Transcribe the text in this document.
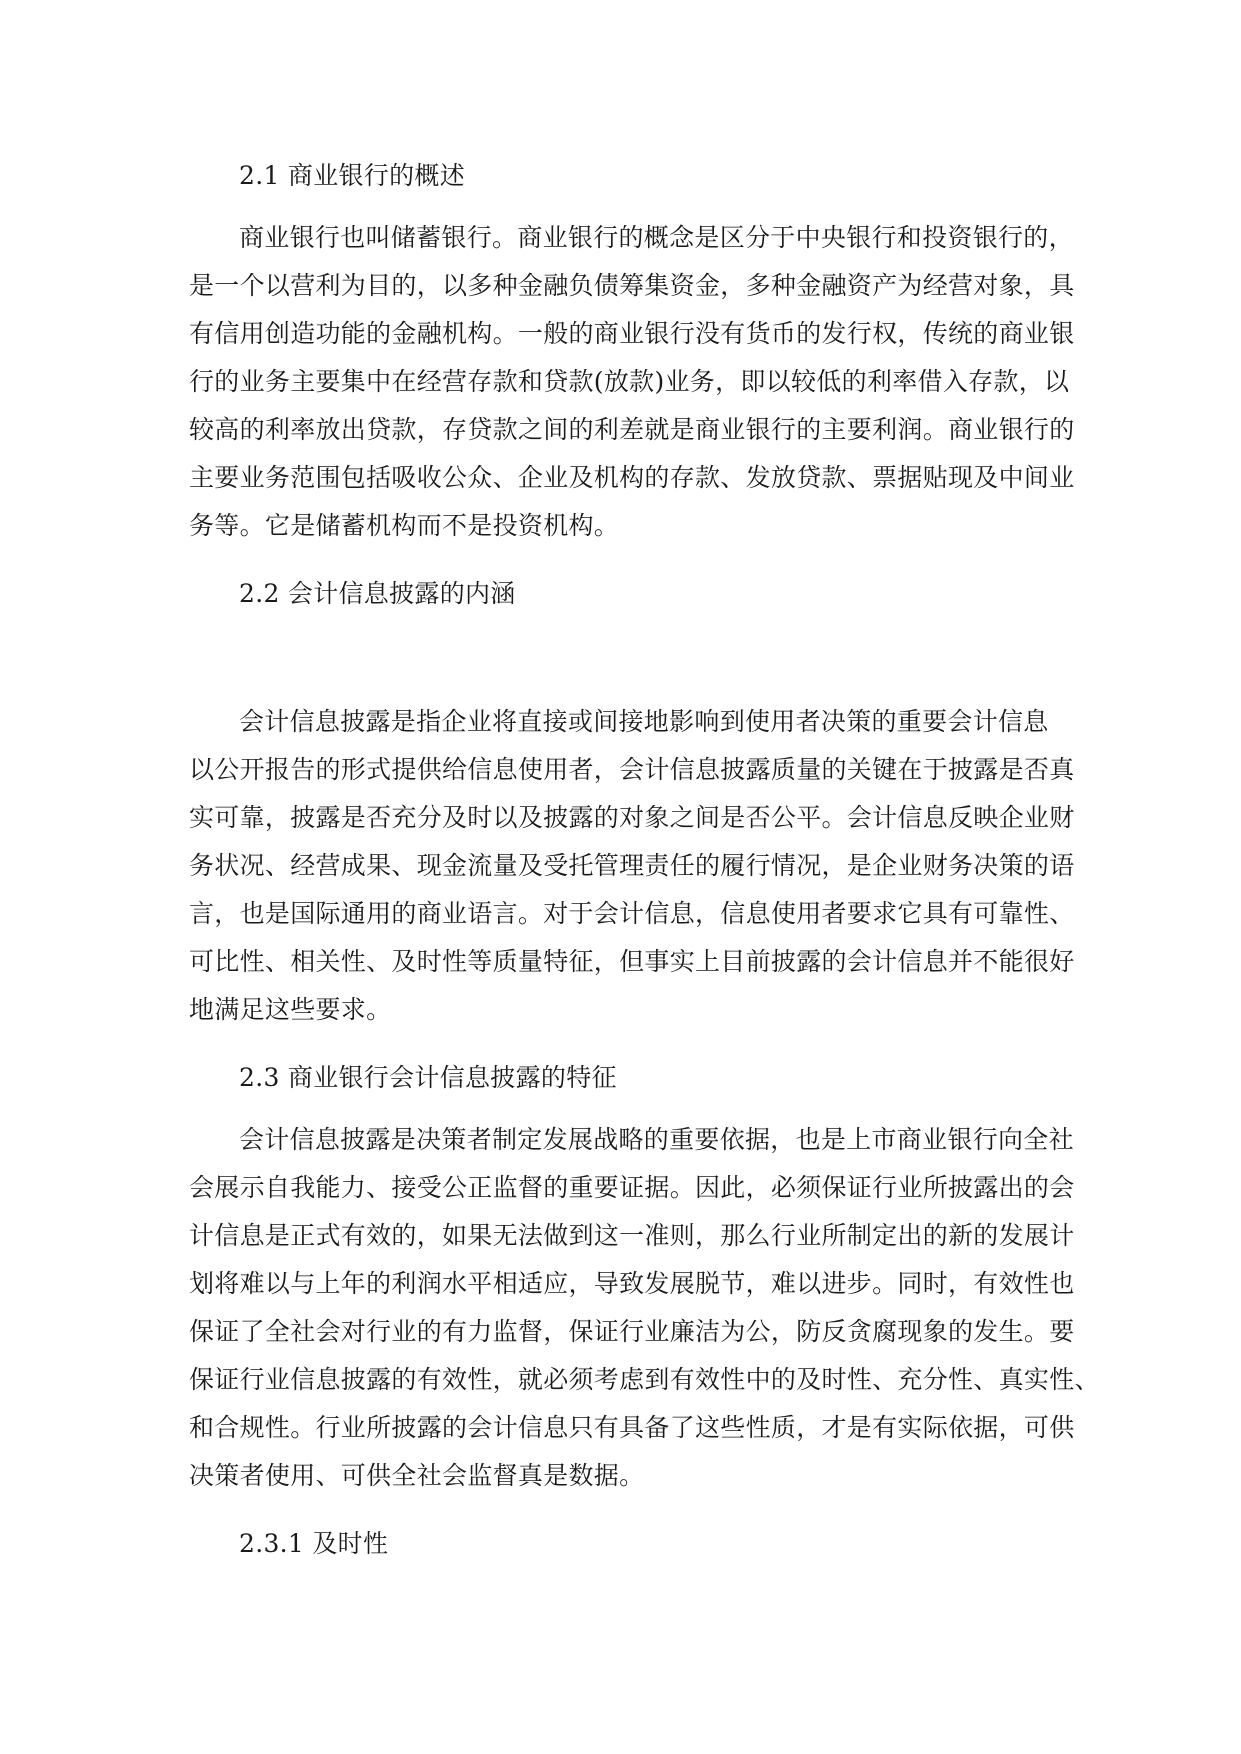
2.1 商业银行的概述
商业银行也叫储蓄银行。商业银行的概念是区分于中央银行和投资银行的，
是一个以营利为目的，以多种金融负债筹集资金，多种金融资产为经营对象，具
有信用创造功能的金融机构。一般的商业银行没有货币的发行权，传统的商业银
行的业务主要集中在经营存款和贷款(放款)业务，即以较低的利率借入存款，以
较高的利率放出贷款，存贷款之间的利差就是商业银行的主要利润。商业银行的
主要业务范围包括吸收公众、企业及机构的存款、发放贷款、票据贴现及中间业
务等。它是储蓄机构而不是投资机构。
2.2 会计信息披露的内涵
会计信息披露是指企业将直接或间接地影响到使用者决策的重要会计信息
以公开报告的形式提供给信息使用者，会计信息披露质量的关键在于披露是否真
实可靠，披露是否充分及时以及披露的对象之间是否公平。会计信息反映企业财
务状况、经营成果、现金流量及受托管理责任的履行情况，是企业财务决策的语
言，也是国际通用的商业语言。对于会计信息，信息使用者要求它具有可靠性、
可比性、相关性、及时性等质量特征，但事实上目前披露的会计信息并不能很好
地满足这些要求。
2.3 商业银行会计信息披露的特征
会计信息披露是决策者制定发展战略的重要依据，也是上市商业银行向全社
会展示自我能力、接受公正监督的重要证据。因此，必须保证行业所披露出的会
计信息是正式有效的，如果无法做到这一准则，那么行业所制定出的新的发展计
划将难以与上年的利润水平相适应，导致发展脱节，难以进步。同时，有效性也
保证了全社会对行业的有力监督，保证行业廉洁为公，防反贪腐现象的发生。要
保证行业信息披露的有效性，就必须考虑到有效性中的及时性、充分性、真实性、
和合规性。行业所披露的会计信息只有具备了这些性质，才是有实际依据，可供
决策者使用、可供全社会监督真是数据。
2.3.1 及时性
